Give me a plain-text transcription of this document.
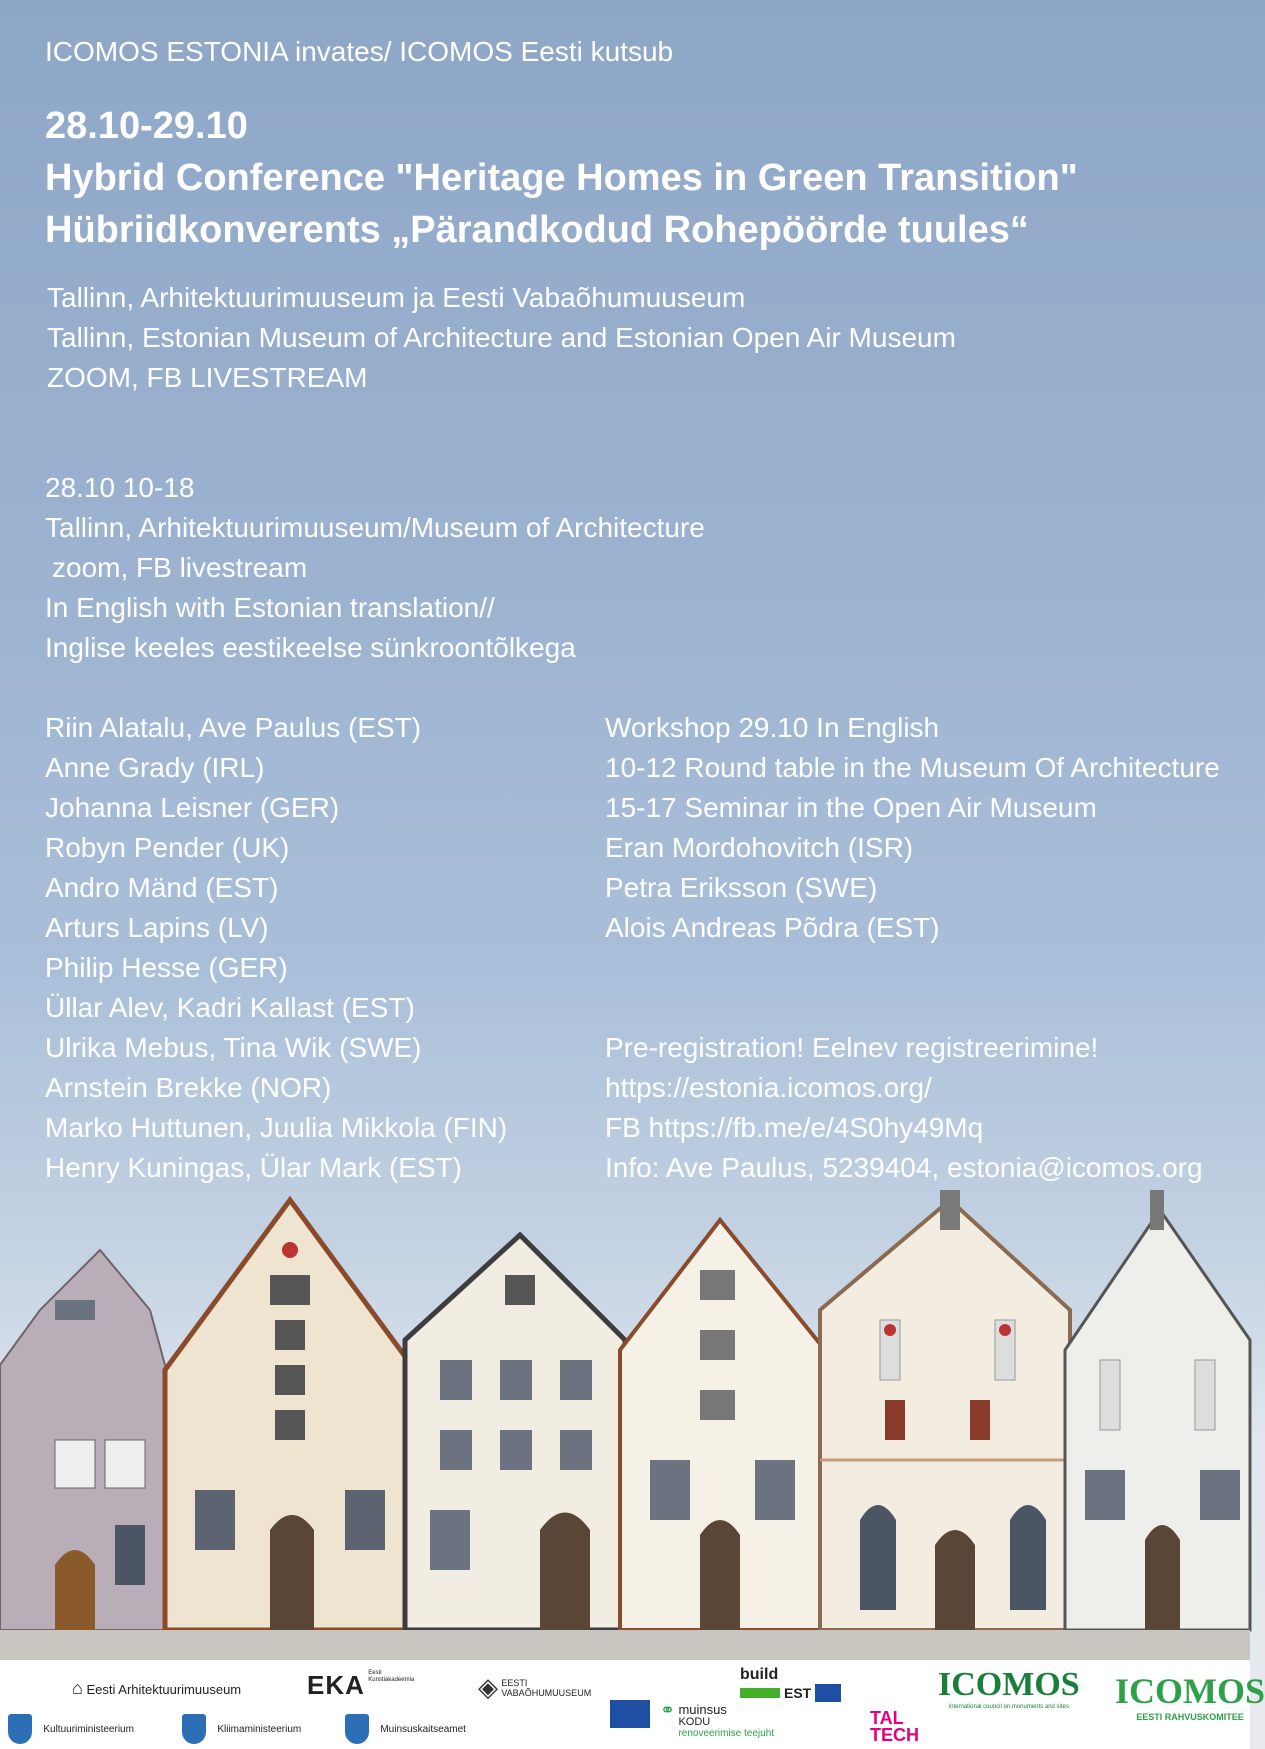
ICOMOS ESTONIA invates/ ICOMOS Eesti kutsub
28.10-29.10
Hybrid Conference "Heritage Homes in Green Transition"
Hübriidkonverents „Pärandkodud Rohepöörde tuules“
Tallinn, Arhitektuurimuuseum ja Eesti Vabaõhumuuseum
Tallinn, Estonian Museum of Architecture and Estonian Open Air Museum
ZOOM, FB LIVESTREAM
28.10 10-18
Tallinn, Arhitektuurimuuseum/Museum of Architecture
zoom, FB livestream
In English with Estonian translation//
Inglise keeles eestikeelse sünkroontõlkega
Riin Alatalu, Ave Paulus (EST)
Anne Grady (IRL)
Johanna Leisner (GER)
Robyn Pender (UK)
Andro Mänd (EST)
Arturs Lapins (LV)
Philip Hesse (GER)
Üllar Alev, Kadri Kallast (EST)
Ulrika Mebus, Tina Wik (SWE)
Arnstein Brekke (NOR)
Marko Huttunen, Juulia Mikkola (FIN)
Henry Kuningas, Ülar Mark (EST)
Workshop 29.10 In English
10-12 Round table in the Museum Of Architecture
15-17 Seminar in the Open Air Museum
Eran Mordohovitch (ISR)
Petra Eriksson (SWE)
Alois Andreas Põdra (EST)
Pre-registration! Eelnev registreerimine!
https://estonia.icomos.org/
FB https://fb.me/e/4S0hy49Mq
Info: Ave Paulus, 5239404, estonia@icomos.org
⌂ Eesti Arhitektuurimuuseum	EKA Eesti Kunstiakadeemia ◈ EESTI VABAÕHUMUUSEUM
build
EST	ICOMOS
international council on monuments and sites	ICOMOS
EESTI RAHVUSKOMITEE
Kultuuriministeerium	Kliimaministeerium	Muinsuskaitseamet
⚭ muinsus
KODU
renoveerimise teejuht
TAL
TECH
